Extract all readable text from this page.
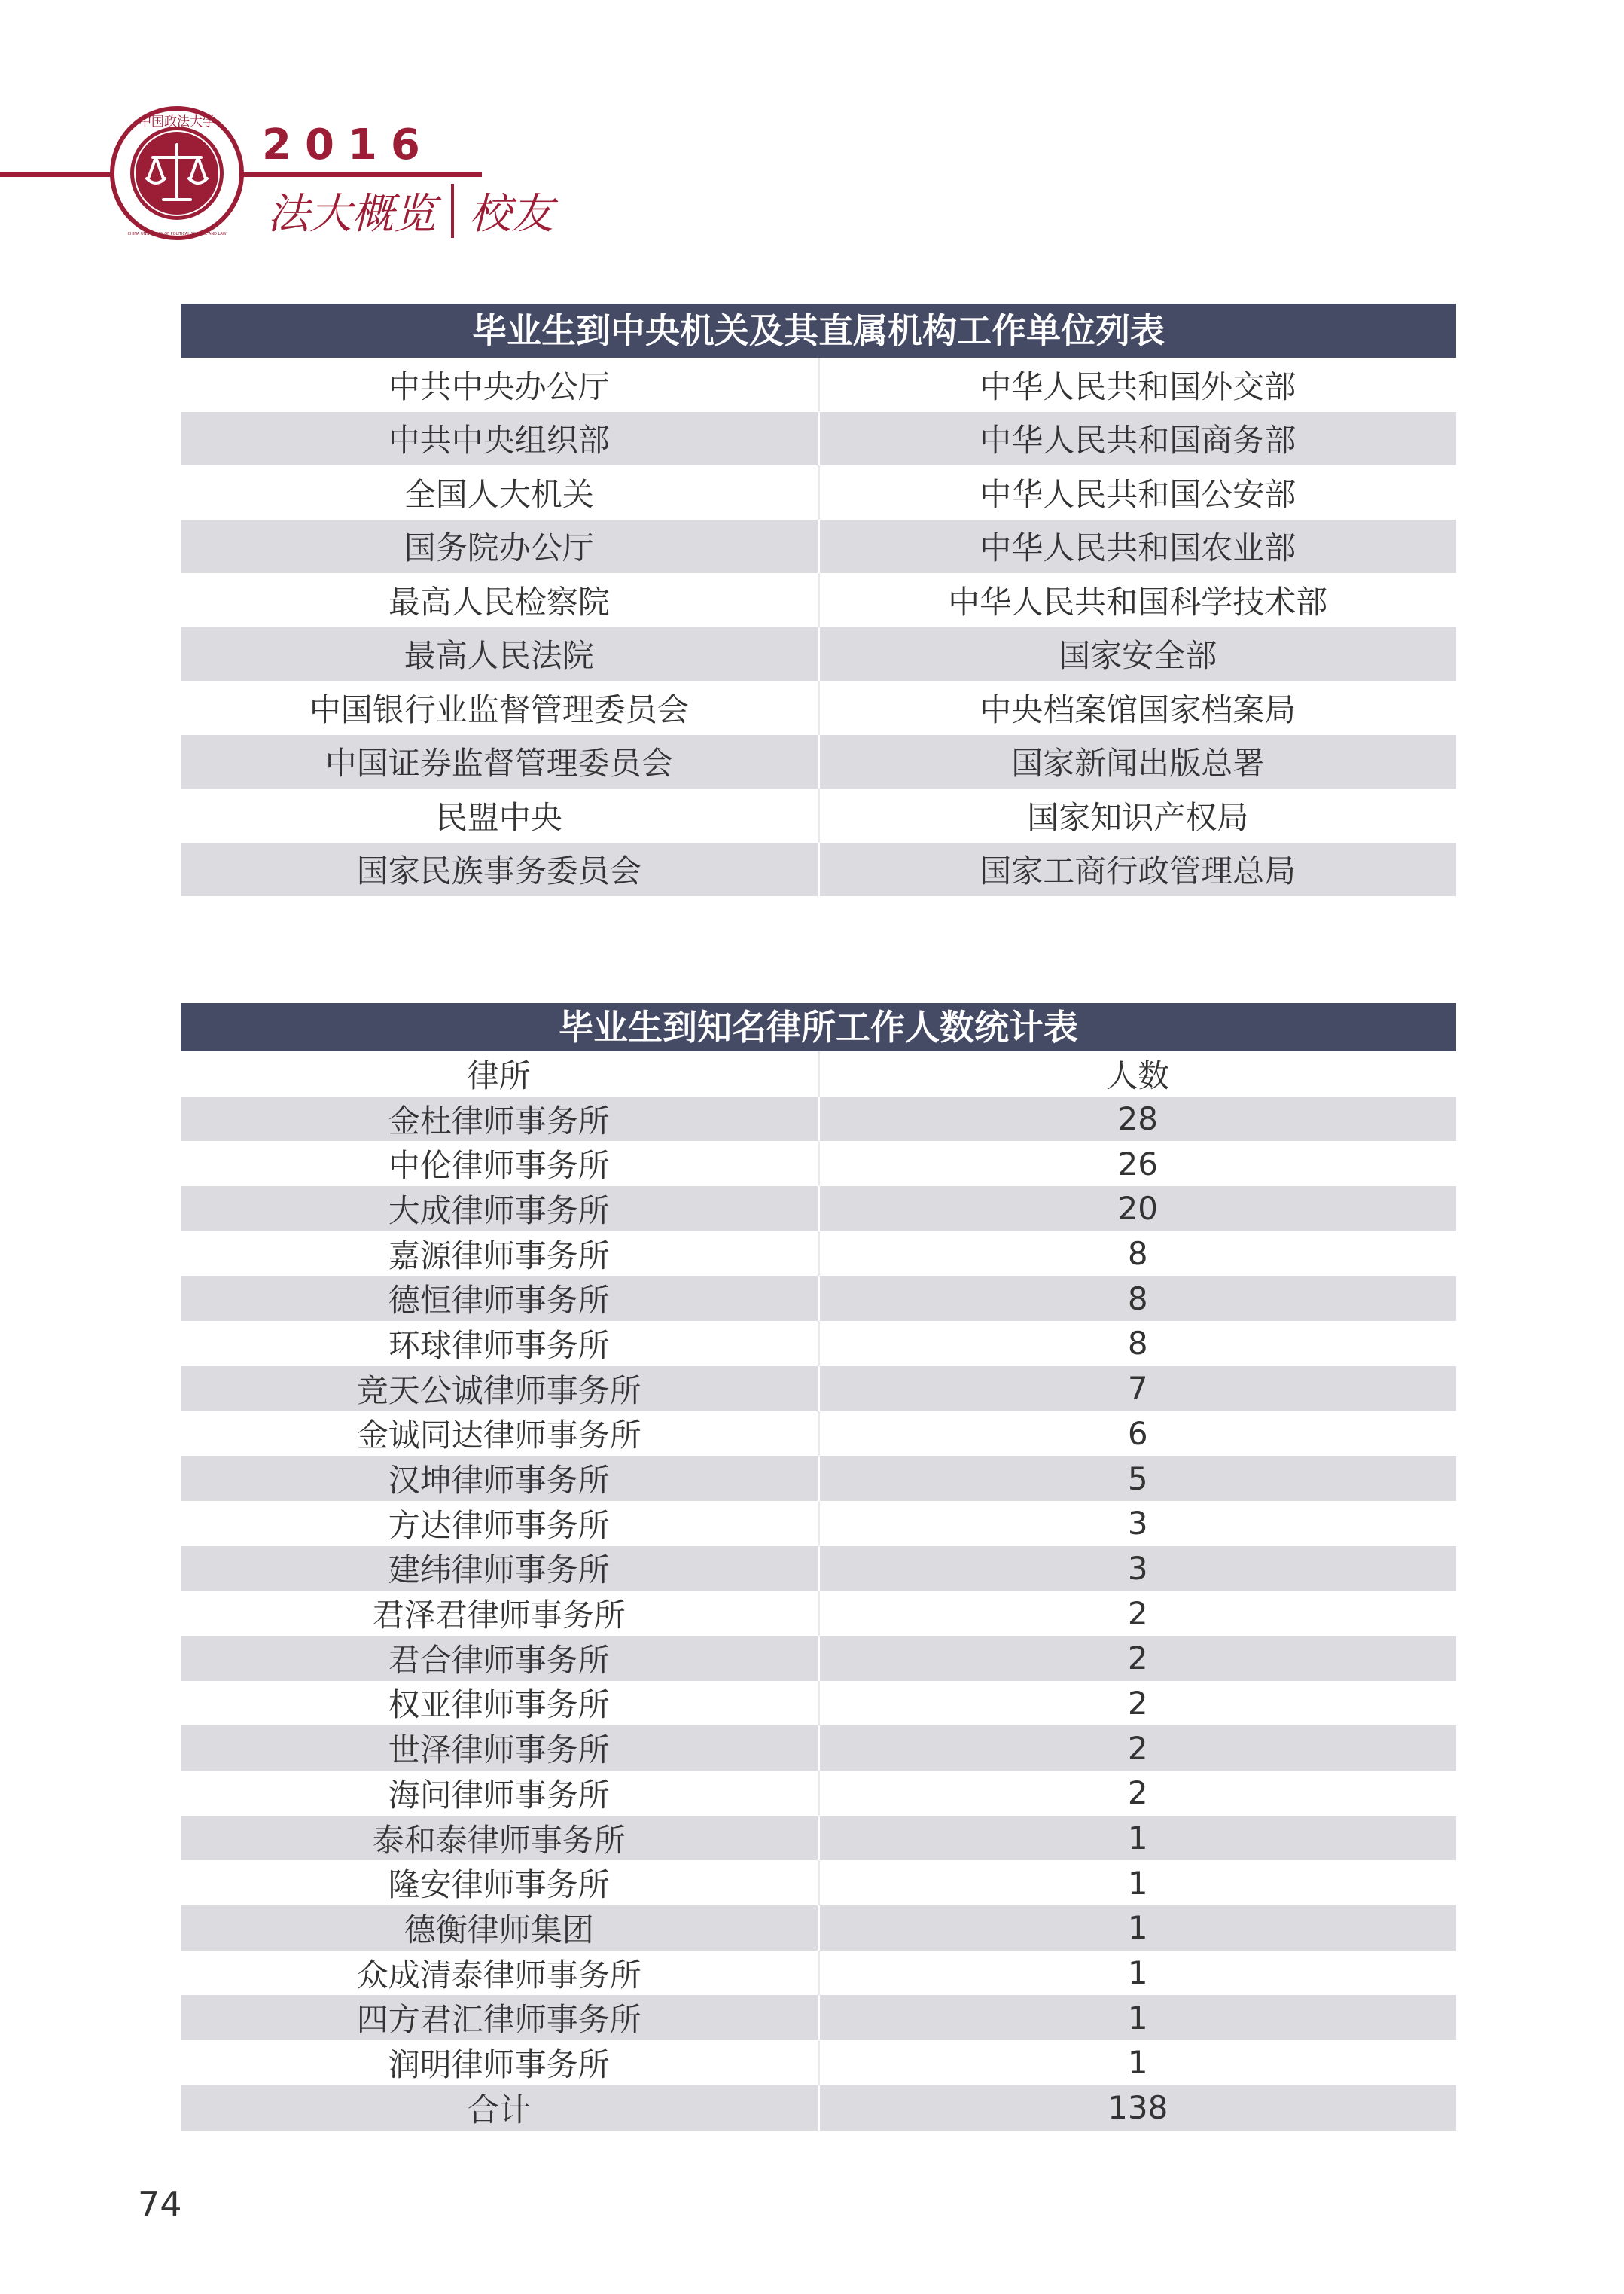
中国政法大学
CHINA UNIVERSITY OF POLITICAL SCIENCE AND LAW
2016
法大概览 校友
毕业生到中央机关及其直属机构工作单位列表
中共中央办公厅	中华人民共和国外交部
中共中央组织部	中华人民共和国商务部
全国人大机关	中华人民共和国公安部
国务院办公厅	中华人民共和国农业部
最高人民检察院	中华人民共和国科学技术部
最高人民法院	国家安全部
中国银行业监督管理委员会	中央档案馆国家档案局
中国证券监督管理委员会	国家新闻出版总署
民盟中央	国家知识产权局
国家民族事务委员会	国家工商行政管理总局
毕业生到知名律所工作人数统计表
律所	人数
金杜律师事务所	28
中伦律师事务所	26
大成律师事务所	20
嘉源律师事务所	8
德恒律师事务所	8
环球律师事务所	8
竞天公诚律师事务所	7
金诚同达律师事务所	6
汉坤律师事务所	5
方达律师事务所	3
建纬律师事务所	3
君泽君律师事务所	2
君合律师事务所	2
权亚律师事务所	2
世泽律师事务所	2
海问律师事务所	2
泰和泰律师事务所	1
隆安律师事务所	1
德衡律师集团	1
众成清泰律师事务所	1
四方君汇律师事务所	1
润明律师事务所	1
合计	138
74
